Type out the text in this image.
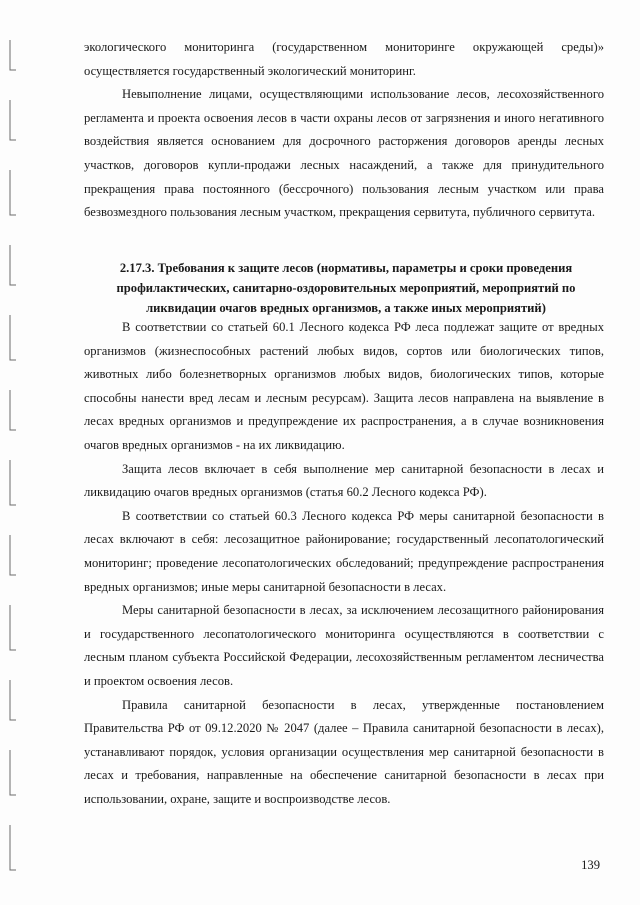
экологического мониторинга (государственном мониторинге окружающей среды)» осуществляется государственный экологический мониторинг.

Невыполнение лицами, осуществляющими использование лесов, лесохозяйственного регламента и проекта освоения лесов в части охраны лесов от загрязнения и иного негативного воздействия является основанием для досрочного расторжения договоров аренды лесных участков, договоров купли-продажи лесных насаждений, а также для принудительного прекращения права постоянного (бессрочного) пользования лесным участком или права безвозмездного пользования лесным участком, прекращения сервитута, публичного сервитута.

2.17.3. Требования к защите лесов (нормативы, параметры и сроки проведения профилактических, санитарно-оздоровительных мероприятий, мероприятий по ликвидации очагов вредных организмов, а также иных мероприятий)

В соответствии со статьей 60.1 Лесного кодекса РФ леса подлежат защите от вредных организмов (жизнеспособных растений любых видов, сортов или биологических типов, животных либо болезнетворных организмов любых видов, биологических типов, которые способны нанести вред лесам и лесным ресурсам). Защита лесов направлена на выявление в лесах вредных организмов и предупреждение их распространения, а в случае возникновения очагов вредных организмов - на их ликвидацию.

Защита лесов включает в себя выполнение мер санитарной безопасности в лесах и ликвидацию очагов вредных организмов (статья 60.2 Лесного кодекса РФ).

В соответствии со статьей 60.3 Лесного кодекса РФ меры санитарной безопасности в лесах включают в себя: лесозащитное районирование; государственный лесопатологический мониторинг; проведение лесопатологических обследований; предупреждение распространения вредных организмов; иные меры санитарной безопасности в лесах.

Меры санитарной безопасности в лесах, за исключением лесозащитного районирования и государственного лесопатологического мониторинга осуществляются в соответствии с лесным планом субъекта Российской Федерации, лесохозяйственным регламентом лесничества и проектом освоения лесов.

Правила санитарной безопасности в лесах, утвержденные постановлением Правительства РФ от 09.12.2020 № 2047 (далее – Правила санитарной безопасности в лесах), устанавливают порядок, условия организации осуществления мер санитарной безопасности в лесах и требования, направленные на обеспечение санитарной безопасности в лесах при использовании, охране, защите и воспроизводстве лесов.

139
